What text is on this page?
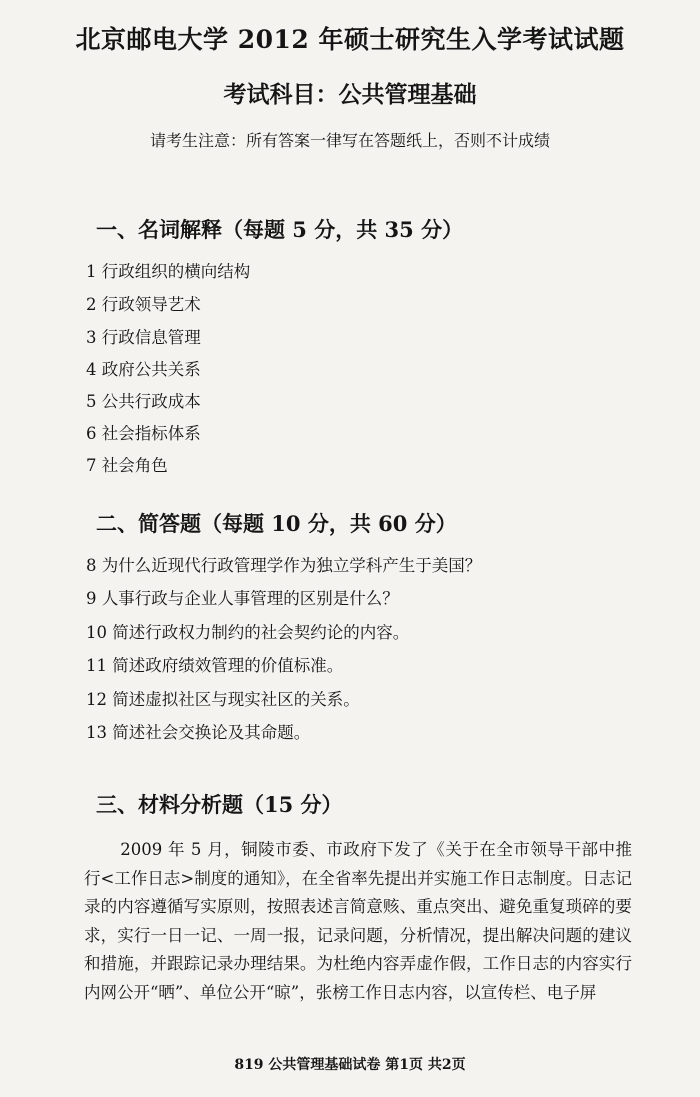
北京邮电大学 2012 年硕士研究生入学考试试题
考试科目：公共管理基础

请考生注意：所有答案一律写在答题纸上，否则不计成绩

一、名词解释（每题 5 分，共 35 分）

1 行政组织的横向结构

2 行政领导艺术

3 行政信息管理

4 政府公共关系

5 公共行政成本

6 社会指标体系

7 社会角色

二、简答题（每题 10 分，共 60 分）

8 为什么近现代行政管理学作为独立学科产生于美国？

9 人事行政与企业人事管理的区别是什么？

10 简述行政权力制约的社会契约论的内容。

11 简述政府绩效管理的价值标准。

12 简述虚拟社区与现实社区的关系。

13 简述社会交换论及其命题。

三、材料分析题（15 分）

2009 年 5 月，铜陵市委、市政府下发了《关于在全市领导干部中推行<工作日志>制度的通知》，在全省率先提出并实施工作日志制度。日志记录的内容遵循写实原则，按照表述言简意赅、重点突出、避免重复琐碎的要求，实行一日一记、一周一报，记录问题，分析情况，提出解决问题的建议和措施，并跟踪记录办理结果。为杜绝内容弄虚作假，工作日志的内容实行内网公开“晒”、单位公开“晾”，张榜工作日志内容，以宣传栏、电子屏

819 公共管理基础试卷 第1页 共2页
